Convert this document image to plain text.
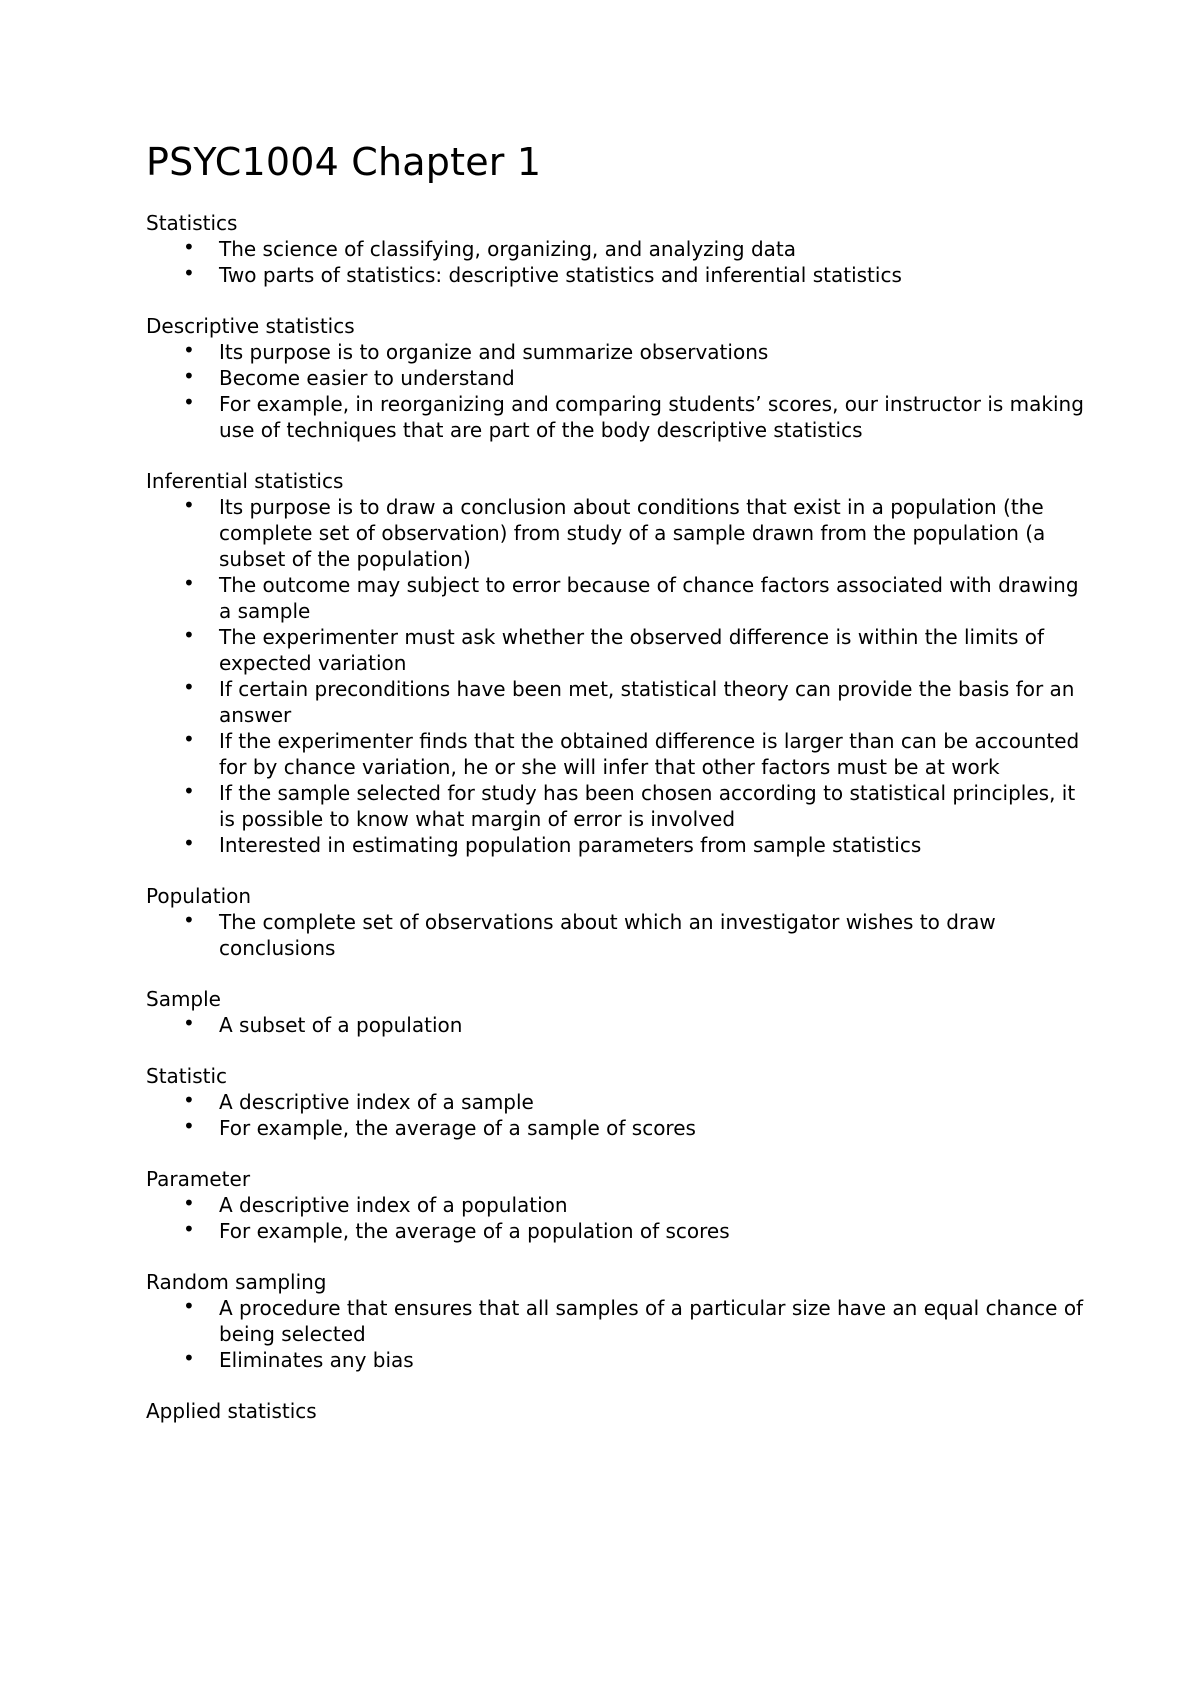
PSYC1004 Chapter 1
Statistics
• The science of classifying, organizing, and analyzing data
• Two parts of statistics: descriptive statistics and inferential statistics
Descriptive statistics
• Its purpose is to organize and summarize observations
• Become easier to understand
• For example, in reorganizing and comparing students’ scores, our instructor is making use of techniques that are part of the body descriptive statistics
Inferential statistics
• Its purpose is to draw a conclusion about conditions that exist in a population (the complete set of observation) from study of a sample drawn from the population (a subset of the population)
• The outcome may subject to error because of chance factors associated with drawing a sample
• The experimenter must ask whether the observed difference is within the limits of expected variation
• If certain preconditions have been met, statistical theory can provide the basis for an answer
• If the experimenter finds that the obtained difference is larger than can be accounted for by chance variation, he or she will infer that other factors must be at work
• If the sample selected for study has been chosen according to statistical principles, it is possible to know what margin of error is involved
• Interested in estimating population parameters from sample statistics
Population
• The complete set of observations about which an investigator wishes to draw conclusions
Sample
• A subset of a population
Statistic
• A descriptive index of a sample
• For example, the average of a sample of scores
Parameter
• A descriptive index of a population
• For example, the average of a population of scores
Random sampling
• A procedure that ensures that all samples of a particular size have an equal chance of being selected
• Eliminates any bias
Applied statistics
